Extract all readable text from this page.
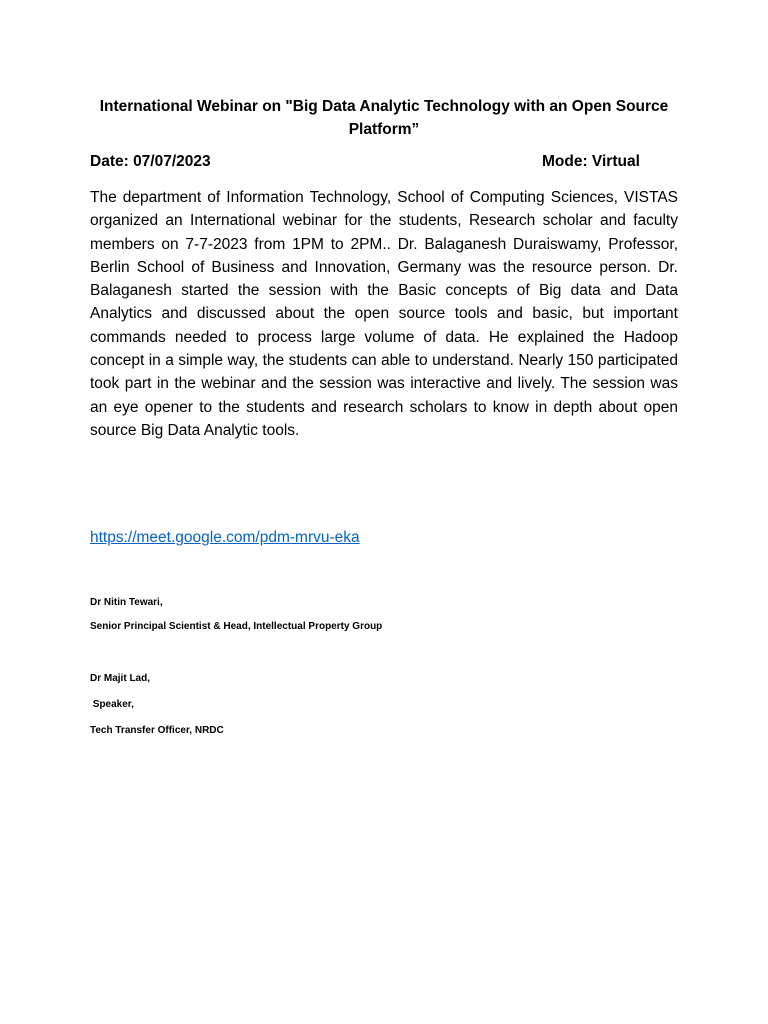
International Webinar on "Big Data Analytic Technology with an Open Source Platform”
Date: 07/07/2023	Mode: Virtual
The department of Information Technology, School of Computing Sciences, VISTAS organized an International webinar for the students, Research scholar and faculty members on 7-7-2023 from 1PM to 2PM.. Dr. Balaganesh Duraiswamy, Professor, Berlin School of Business and Innovation, Germany was the resource person. Dr. Balaganesh started the session with the Basic concepts of Big data and Data Analytics and discussed about the open source tools and basic, but important commands needed to process large volume of data. He explained the Hadoop concept in a simple way, the students can able to understand. Nearly 150 participated took part in the webinar and the session was interactive and lively. The session was an eye opener to the students and research scholars to know in depth about open source Big Data Analytic tools.
https://meet.google.com/pdm-mrvu-eka
Dr Nitin Tewari,
Senior Principal Scientist & Head, Intellectual Property Group
Dr Majit Lad,
Speaker,
Tech Transfer Officer, NRDC
